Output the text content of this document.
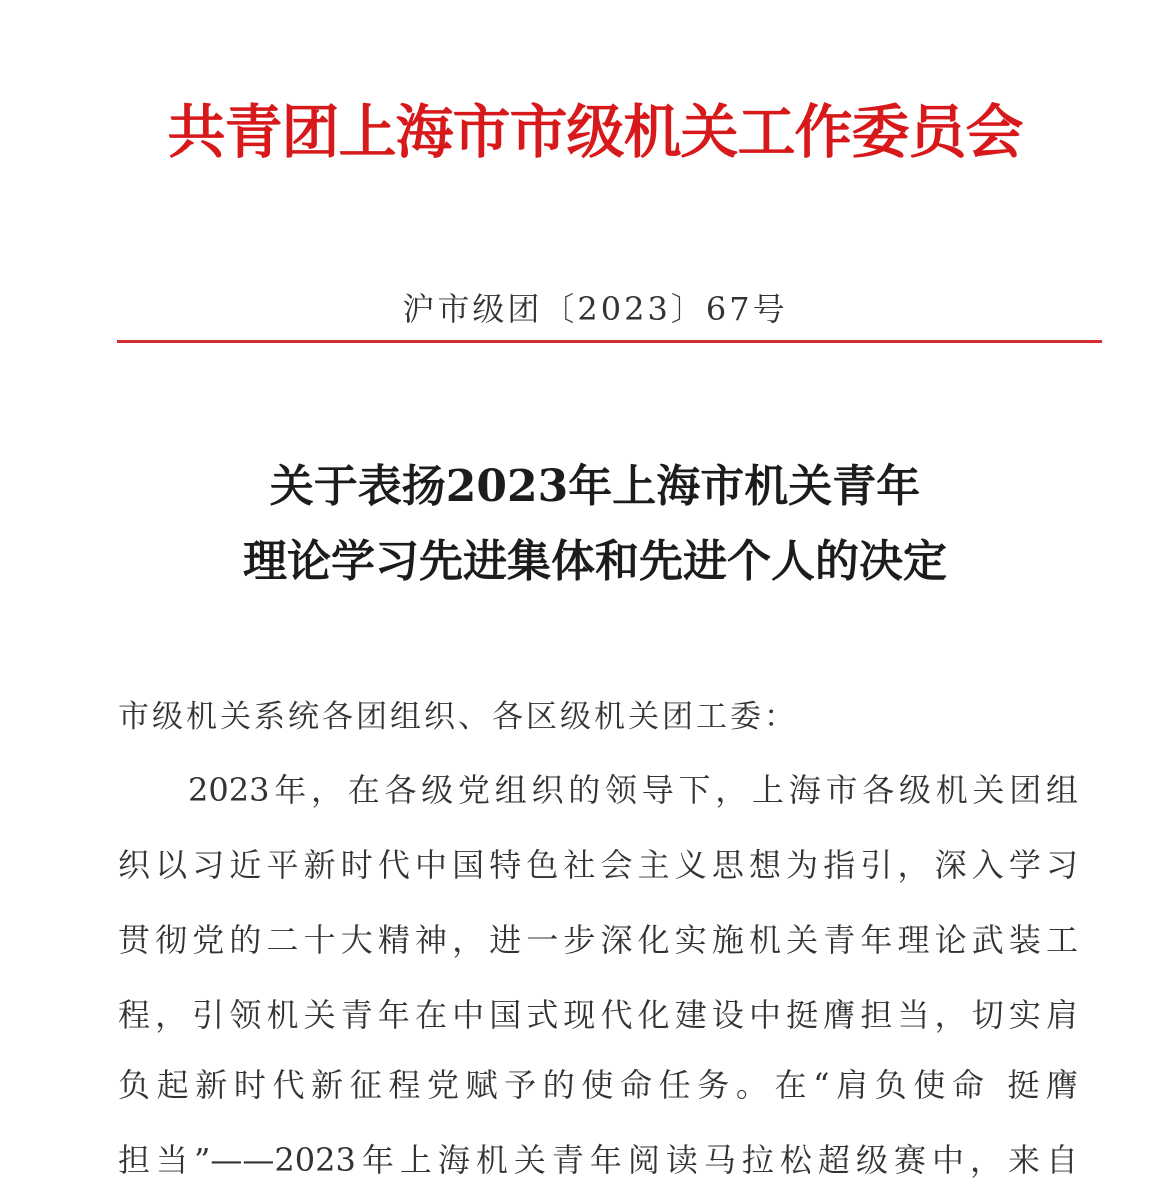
共青团上海市市级机关工作委员会
沪市级团〔2023〕67号
关于表扬2023年上海市机关青年
理论学习先进集体和先进个人的决定
市级机关系统各团组织、各区级机关团工委：
2023年，在各级党组织的领导下，上海市各级机关团组
织以习近平新时代中国特色社会主义思想为指引，深入学习
贯彻党的二十大精神，进一步深化实施机关青年理论武装工
程，引领机关青年在中国式现代化建设中挺膺担当，切实肩
负起新时代新征程党赋予的使命任务。在“肩负使命 挺膺
担当”——2023年上海机关青年阅读马拉松超级赛中，来自
